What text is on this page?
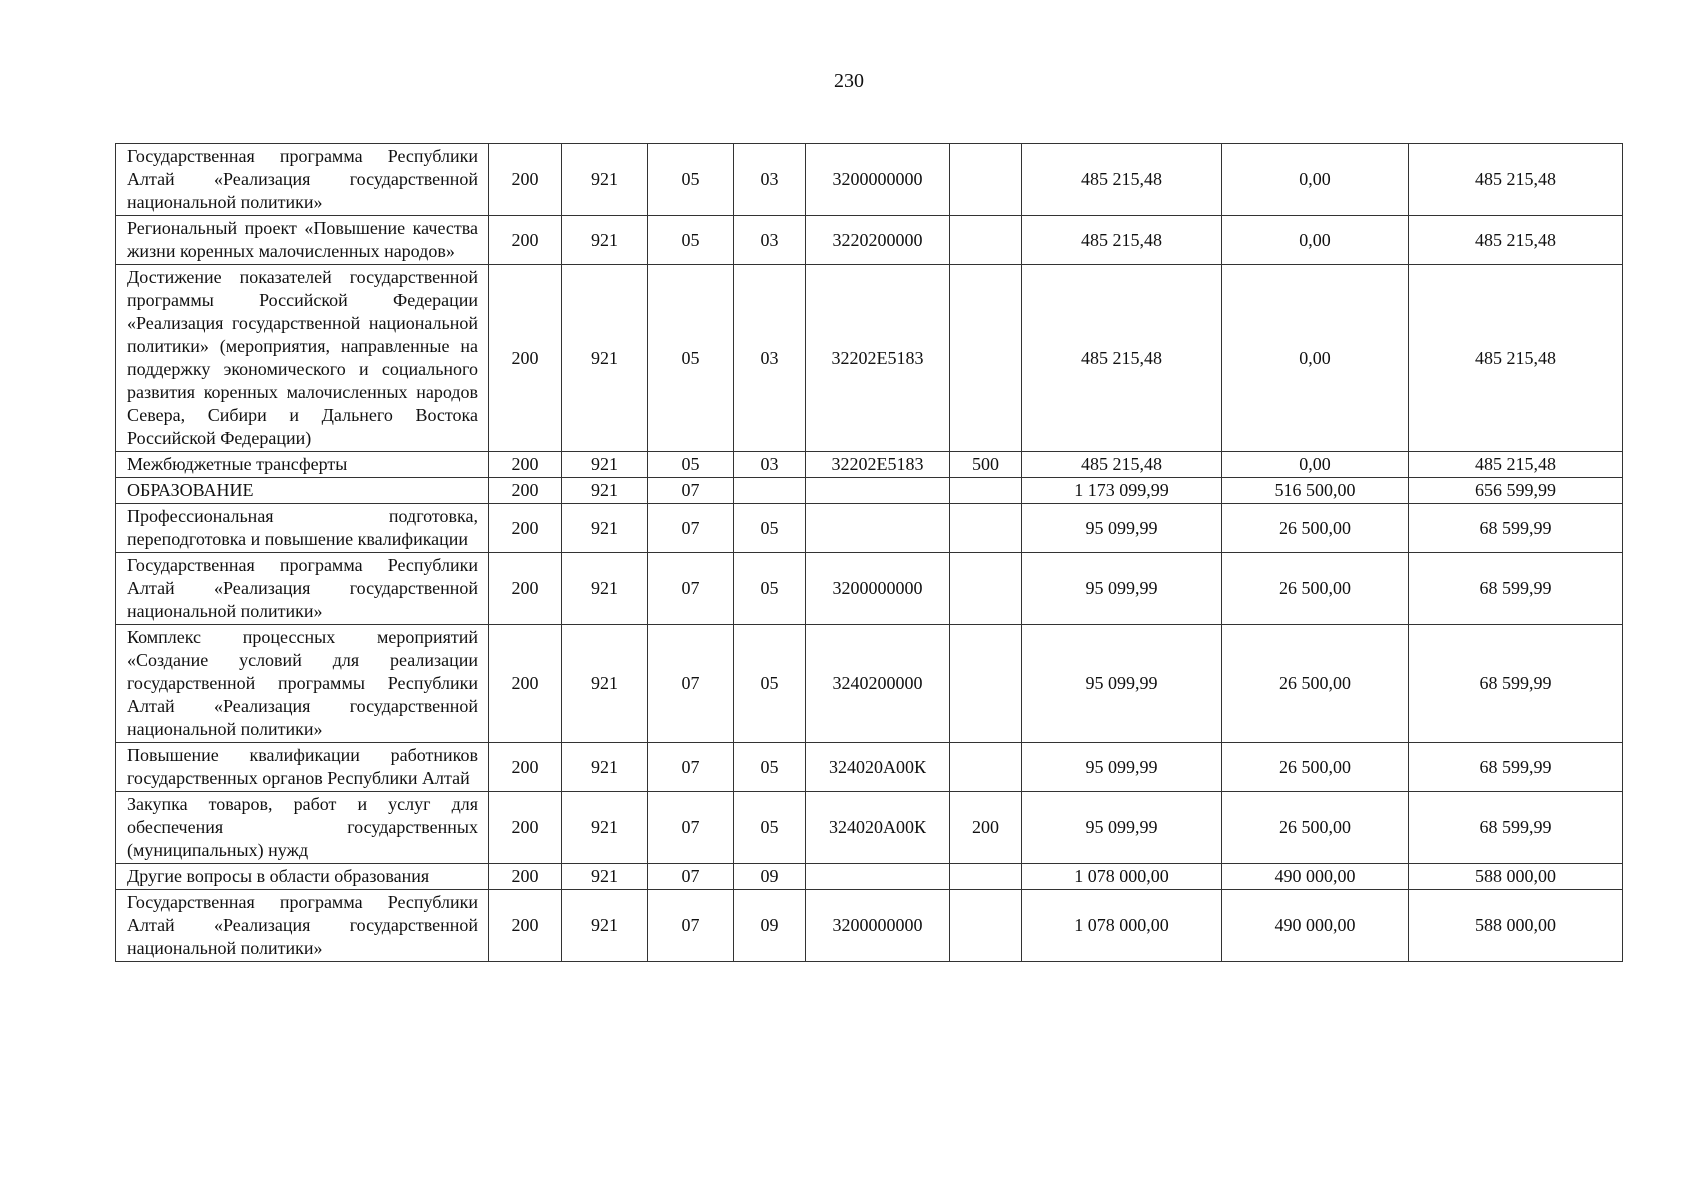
230
Государственная программа Республики Алтай «Реализация государственной национальной политики»	200	921	05	03	3200000000		485 215,48	0,00	485 215,48
Региональный проект «Повышение качества жизни коренных малочисленных народов»	200	921	05	03	3220200000		485 215,48	0,00	485 215,48
Достижение показателей государственной программы Российской Федерации «Реализация государственной национальной политики» (мероприятия, направленные на поддержку экономического и социального развития коренных малочисленных народов Севера, Сибири и Дальнего Востока Российской Федерации)	200	921	05	03	32202E5183		485 215,48	0,00	485 215,48
Межбюджетные трансферты	200	921	05	03	32202E5183	500	485 215,48	0,00	485 215,48
ОБРАЗОВАНИЕ	200	921	07				1 173 099,99	516 500,00	656 599,99
Профессиональная подготовка, переподготовка и повышение квалификации	200	921	07	05			95 099,99	26 500,00	68 599,99
Государственная программа Республики Алтай «Реализация государственной национальной политики»	200	921	07	05	3200000000		95 099,99	26 500,00	68 599,99
Комплекс процессных мероприятий «Создание условий для реализации государственной программы Республики Алтай «Реализация государственной национальной политики»	200	921	07	05	3240200000		95 099,99	26 500,00	68 599,99
Повышение квалификации работников государственных органов Республики Алтай	200	921	07	05	324020А00К		95 099,99	26 500,00	68 599,99
Закупка товаров, работ и услуг для обеспечения государственных (муниципальных) нужд	200	921	07	05	324020А00К	200	95 099,99	26 500,00	68 599,99
Другие вопросы в области образования	200	921	07	09			1 078 000,00	490 000,00	588 000,00
Государственная программа Республики Алтай «Реализация государственной национальной политики»	200	921	07	09	3200000000		1 078 000,00	490 000,00	588 000,00
